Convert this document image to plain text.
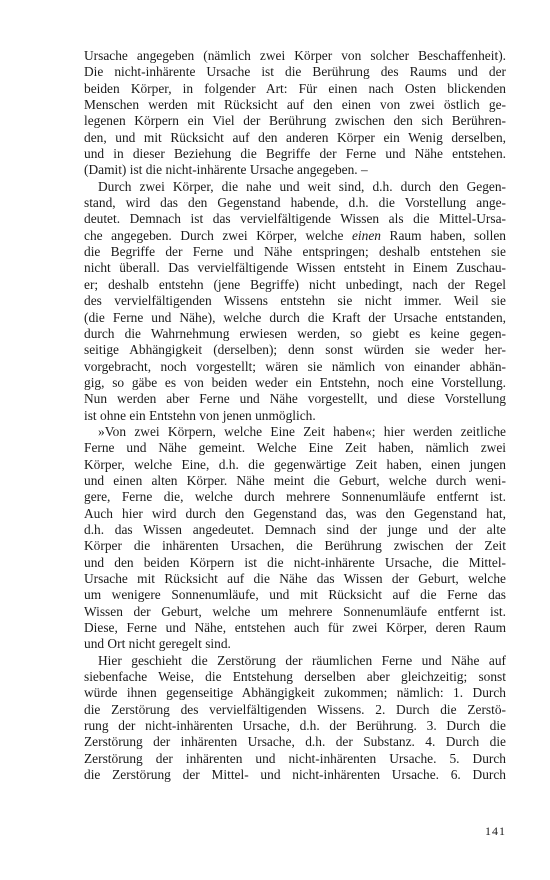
Ursache angegeben (nämlich zwei Körper von solcher Beschaffenheit).
Die nicht-inhärente Ursache ist die Berührung des Raums und der
beiden Körper, in folgender Art: Für einen nach Osten blickenden
Menschen werden mit Rücksicht auf den einen von zwei östlich ge-
legenen Körpern ein Viel der Berührung zwischen den sich Berühren-
den, und mit Rücksicht auf den anderen Körper ein Wenig derselben,
und in dieser Beziehung die Begriffe der Ferne und Nähe entstehen.
(Damit) ist die nicht-inhärente Ursache angegeben. –
Durch zwei Körper, die nahe und weit sind, d.h. durch den Gegen-
stand, wird das den Gegenstand habende, d.h. die Vorstellung ange-
deutet. Demnach ist das vervielfältigende Wissen als die Mittel-Ursa-
che angegeben. Durch zwei Körper, welche einen Raum haben, sollen
die Begriffe der Ferne und Nähe entspringen; deshalb entstehen sie
nicht überall. Das vervielfältigende Wissen entsteht in Einem Zuschau-
er; deshalb entstehn (jene Begriffe) nicht unbedingt, nach der Regel
des vervielfältigenden Wissens entstehn sie nicht immer. Weil sie
(die Ferne und Nähe), welche durch die Kraft der Ursache entstanden,
durch die Wahrnehmung erwiesen werden, so giebt es keine gegen-
seitige Abhängigkeit (derselben); denn sonst würden sie weder her-
vorgebracht, noch vorgestellt; wären sie nämlich von einander abhän-
gig, so gäbe es von beiden weder ein Entstehn, noch eine Vorstellung.
Nun werden aber Ferne und Nähe vorgestellt, und diese Vorstellung
ist ohne ein Entstehn von jenen unmöglich.
»Von zwei Körpern, welche Eine Zeit haben«; hier werden zeitliche
Ferne und Nähe gemeint. Welche Eine Zeit haben, nämlich zwei
Körper, welche Eine, d.h. die gegenwärtige Zeit haben, einen jungen
und einen alten Körper. Nähe meint die Geburt, welche durch weni-
gere, Ferne die, welche durch mehrere Sonnenumläufe entfernt ist.
Auch hier wird durch den Gegenstand das, was den Gegenstand hat,
d.h. das Wissen angedeutet. Demnach sind der junge und der alte
Körper die inhärenten Ursachen, die Berührung zwischen der Zeit
und den beiden Körpern ist die nicht-inhärente Ursache, die Mittel-
Ursache mit Rücksicht auf die Nähe das Wissen der Geburt, welche
um wenigere Sonnenumläufe, und mit Rücksicht auf die Ferne das
Wissen der Geburt, welche um mehrere Sonnenumläufe entfernt ist.
Diese, Ferne und Nähe, entstehen auch für zwei Körper, deren Raum
und Ort nicht geregelt sind.
Hier geschieht die Zerstörung der räumlichen Ferne und Nähe auf
siebenfache Weise, die Entstehung derselben aber gleichzeitig; sonst
würde ihnen gegenseitige Abhängigkeit zukommen; nämlich: 1. Durch
die Zerstörung des vervielfältigenden Wissens. 2. Durch die Zerstö-
rung der nicht-inhärenten Ursache, d.h. der Berührung. 3. Durch die
Zerstörung der inhärenten Ursache, d.h. der Substanz. 4. Durch die
Zerstörung der inhärenten und nicht-inhärenten Ursache. 5. Durch
die Zerstörung der Mittel- und nicht-inhärenten Ursache. 6. Durch
141
